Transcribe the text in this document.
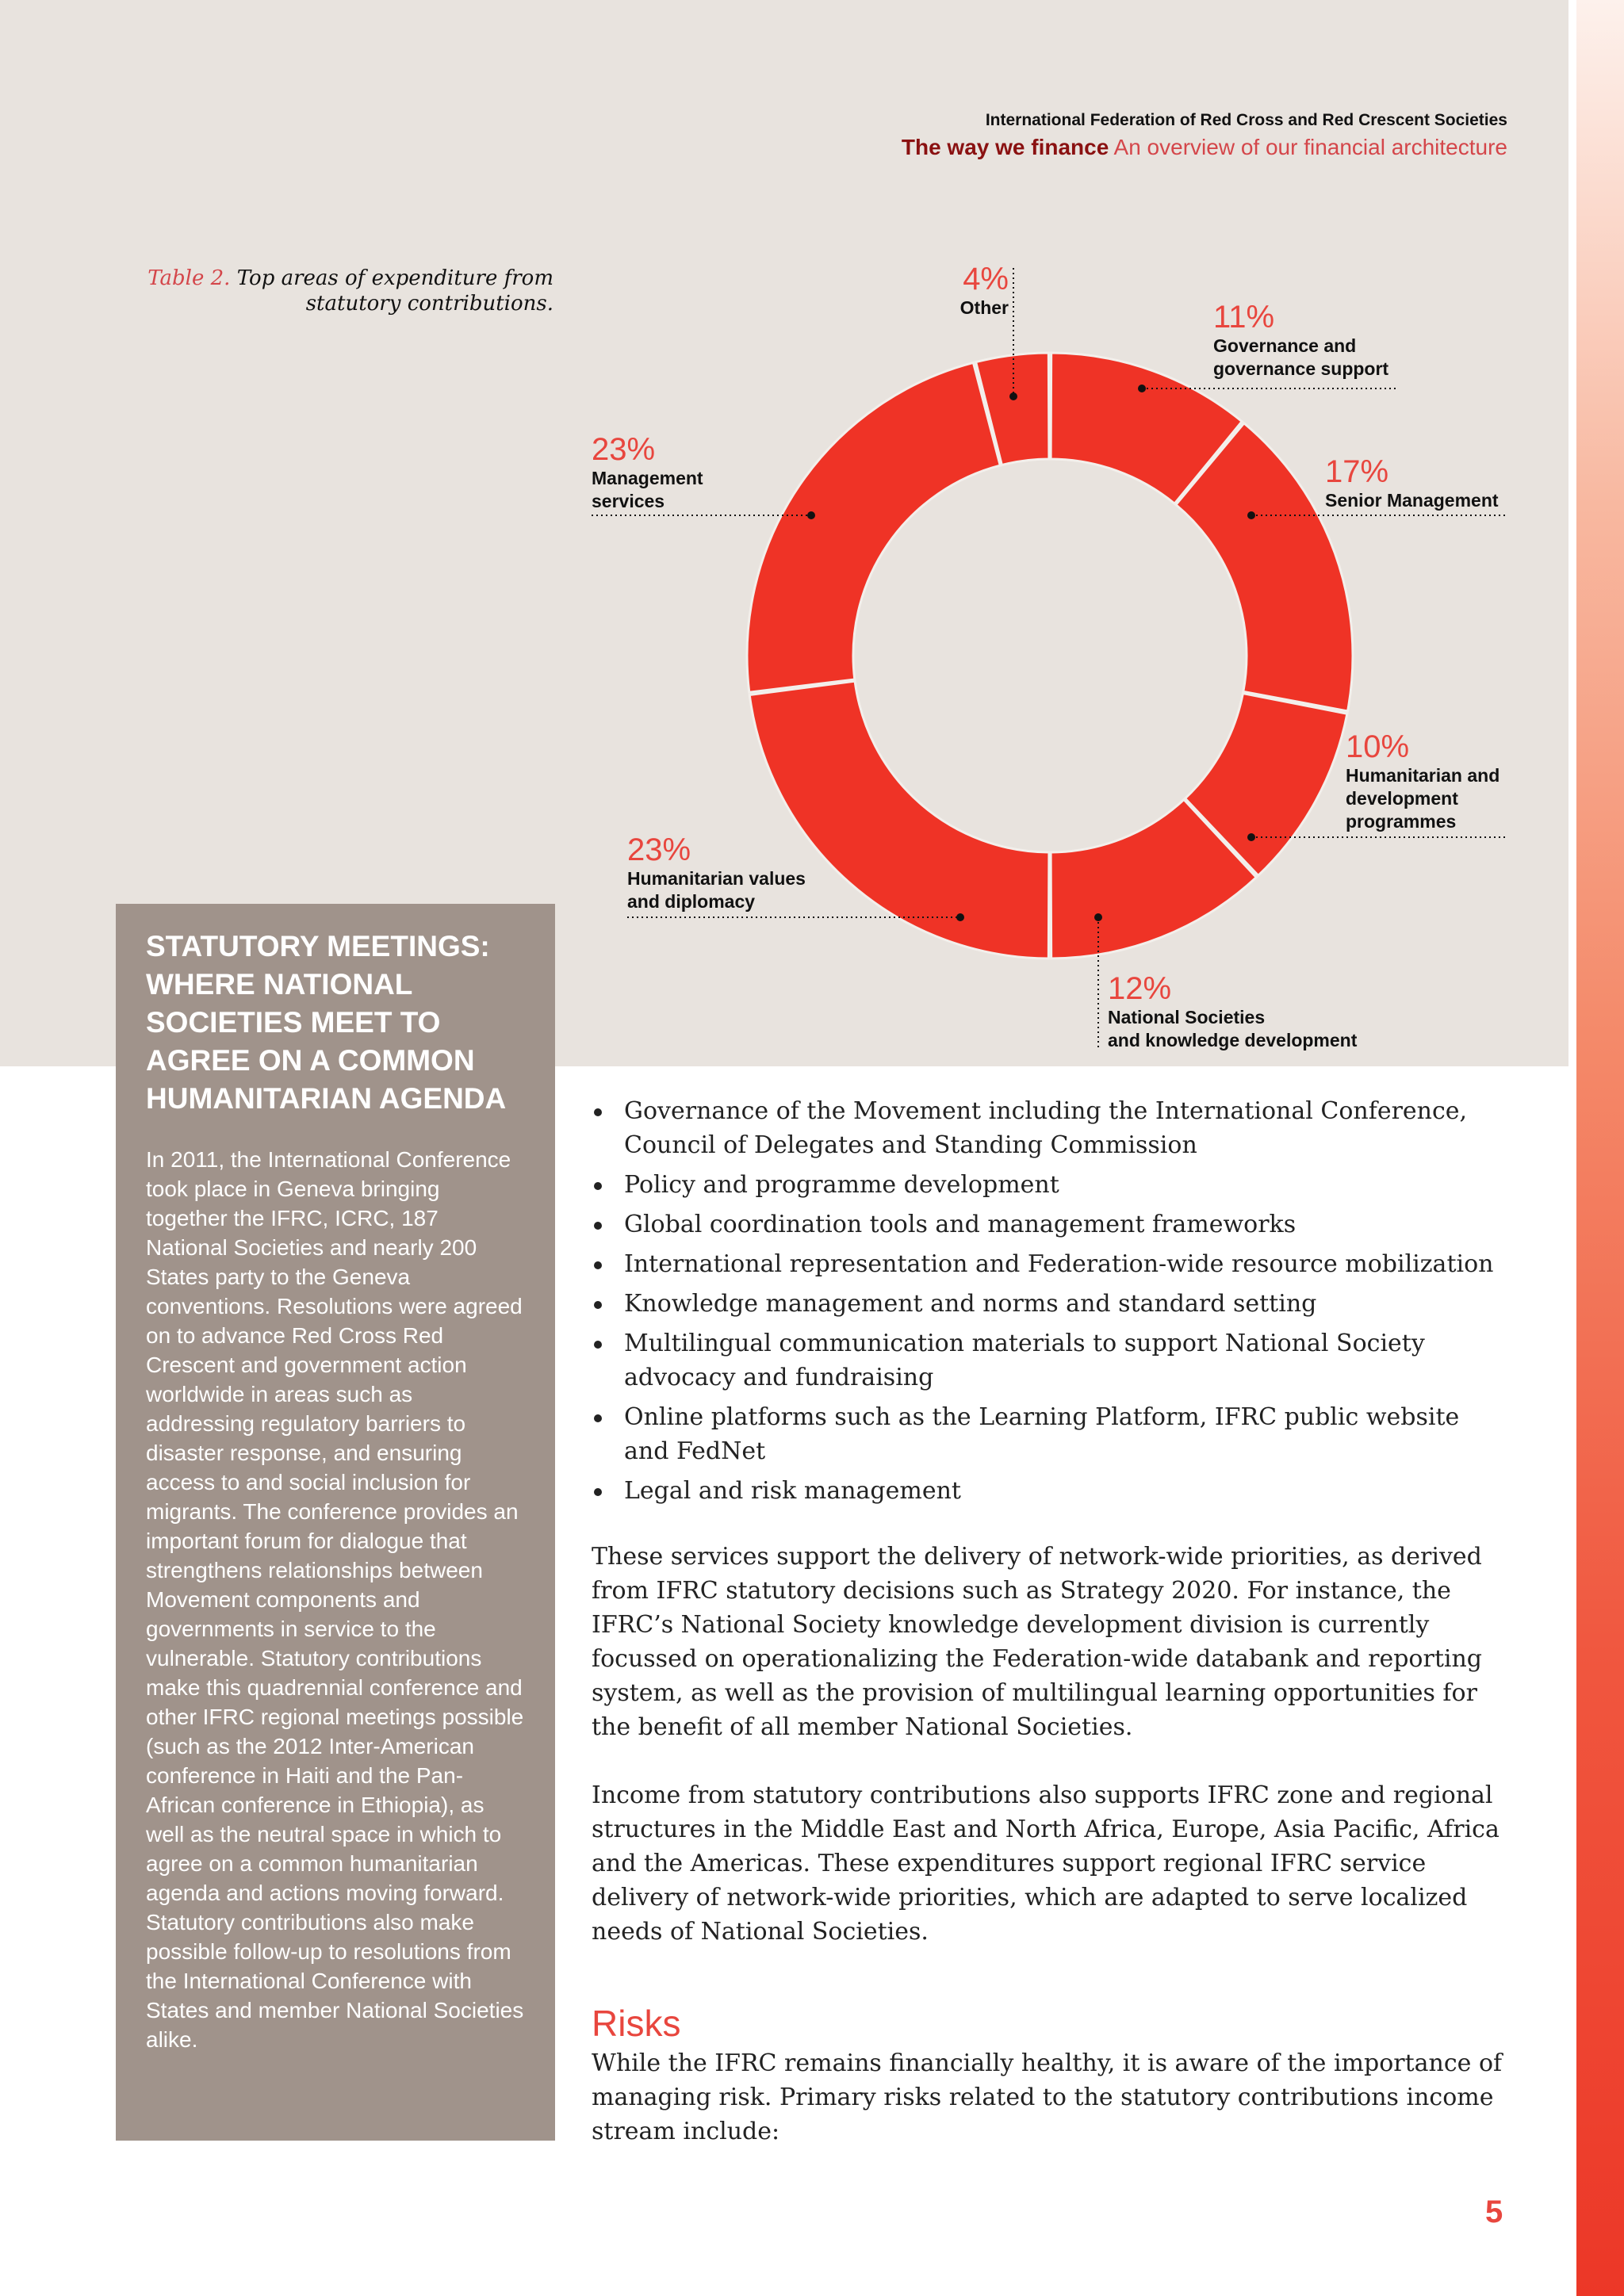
International Federation of Red Cross and Red Crescent Societies
The way we finance An overview of our financial architecture
Table 2. Top areas of expenditure from statutory contributions.
4%
Other	11%
Governance and
governance support
17%
Senior Management
10%
Humanitarian and
development
programmes
12%
National Societies
and knowledge development
23%
Humanitarian values
and diplomacy
23%
Management
services
STATUTORY MEETINGS: WHERE NATIONAL SOCIETIES MEET TO AGREE ON A COMMON HUMANITARIAN AGENDA

In 2011, the International Conference took place in Geneva bringing together the IFRC, ICRC, 187 National Societies and nearly 200 States party to the Geneva conventions. Resolutions were agreed on to advance Red Cross Red Crescent and government action worldwide in areas such as addressing regulatory barriers to disaster response, and ensuring access to and social inclusion for migrants. The conference provides an important forum for dialogue that strengthens relationships between Movement components and governments in service to the vulnerable. Statutory contributions make this quadrennial conference and other IFRC regional meetings possible (such as the 2012 Inter-American conference in Haiti and the Pan-African conference in Ethiopia), as well as the neutral space in which to agree on a common humanitarian agenda and actions moving forward. Statutory contributions also make possible follow-up to resolutions from the International Conference with States and member National Societies alike.

Governance of the Movement including the International Conference, Council of Delegates and Standing Commission
Policy and programme development
Global coordination tools and management frameworks
International representation and Federation-wide resource mobilization
Knowledge management and norms and standard setting
Multilingual communication materials to support National Society advocacy and fundraising
Online platforms such as the Learning Platform, IFRC public website and FedNet
Legal and risk management

These services support the delivery of network-wide priorities, as derived from IFRC statutory decisions such as Strategy 2020. For instance, the IFRC’s National Society knowledge development division is currently focussed on operationalizing the Federation-wide databank and reporting system, as well as the provision of multilingual learning opportunities for the benefit of all member National Societies.

Income from statutory contributions also supports IFRC zone and regional structures in the Middle East and North Africa, Europe, Asia Pacific, Africa and the Americas. These expenditures support regional IFRC service delivery of network-wide priorities, which are adapted to serve localized needs of National Societies.

Risks
While the IFRC remains financially healthy, it is aware of the importance of managing risk. Primary risks related to the statutory contributions income stream include:
5
